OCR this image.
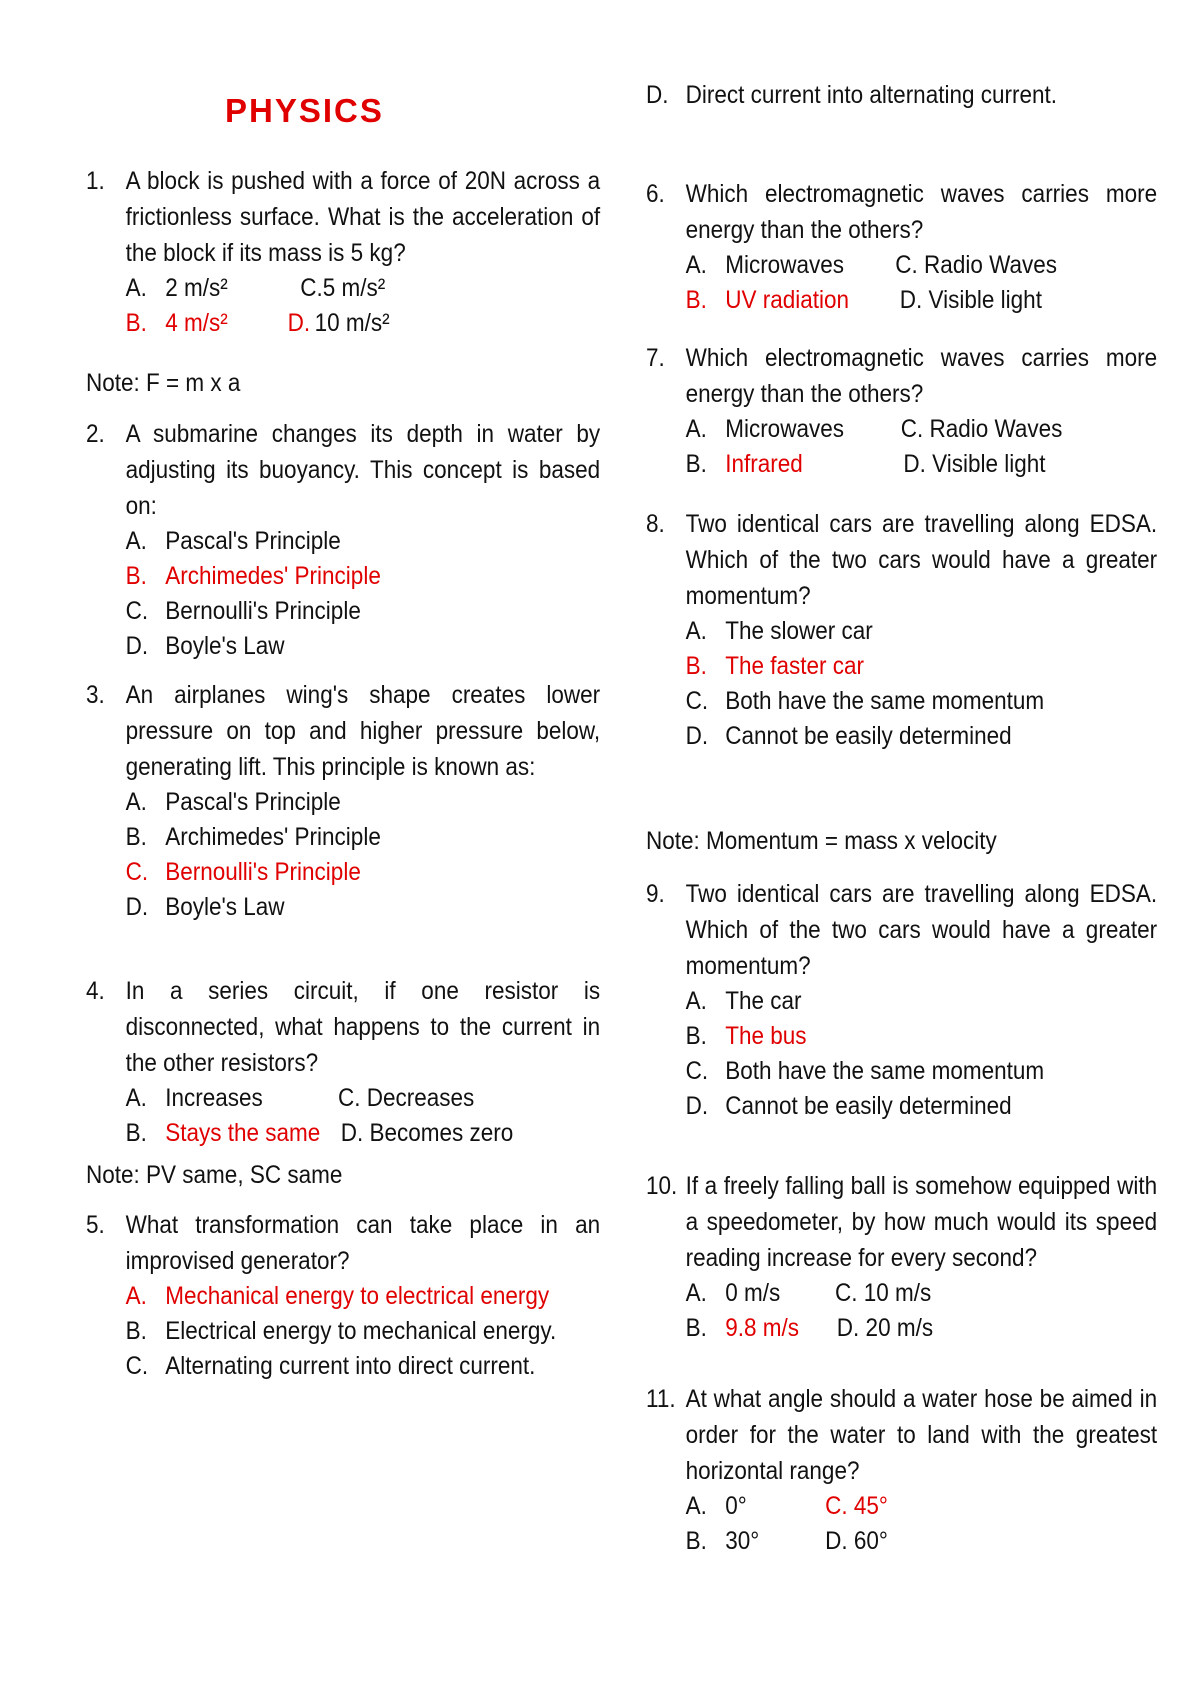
PHYSICS
1. A block is pushed with a force of 20N across a frictionless surface. What is the acceleration of the block if its mass is 5 kg?
A. 2 m/s²	C. 5 m/s²
B. 4 m/s² D. 10 m/s²
Note: F = m x a
2. A submarine changes its depth in water by adjusting its buoyancy. This concept is based on:
A. Pascal's Principle
B. Archimedes' Principle
C. Bernoulli's Principle
D. Boyle's Law
3. An airplanes wing's shape creates lower pressure on top and higher pressure below, generating lift. This principle is known as:
A. Pascal's Principle
B. Archimedes' Principle
C. Bernoulli's Principle
D. Boyle's Law
4. In a series circuit, if one resistor is disconnected, what happens to the current in the other resistors?
A. Increases	C. Decreases
B. Stays the same D. Becomes zero
Note: PV same, SC same
5. What transformation can take place in an improvised generator?
A. Mechanical energy to electrical energy
B. Electrical energy to mechanical energy.
C. Alternating current into direct current.
D. Direct current into alternating current.
6. Which electromagnetic waves carries more energy than the others?
A. Microwaves C. Radio Waves
B. UV radiation D. Visible light
7. Which electromagnetic waves carries more energy than the others?
A. Microwaves C. Radio Waves
B. Infrared	D. Visible light
8. Two identical cars are travelling along EDSA. Which of the two cars would have a greater momentum?
A. The slower car
B. The faster car
C. Both have the same momentum
D. Cannot be easily determined
Note: Momentum = mass x velocity
9. Two identical cars are travelling along EDSA. Which of the two cars would have a greater momentum?
A. The car
B. The bus
C. Both have the same momentum
D. Cannot be easily determined
10. If a freely falling ball is somehow equipped with a speedometer, by how much would its speed reading increase for every second?
A. 0 m/s C. 10 m/s
B. 9.8 m/s D. 20 m/s
11. At what angle should a water hose be aimed in order for the water to land with the greatest horizontal range?
A. 0°	C. 45°
B. 30°	D. 60°
